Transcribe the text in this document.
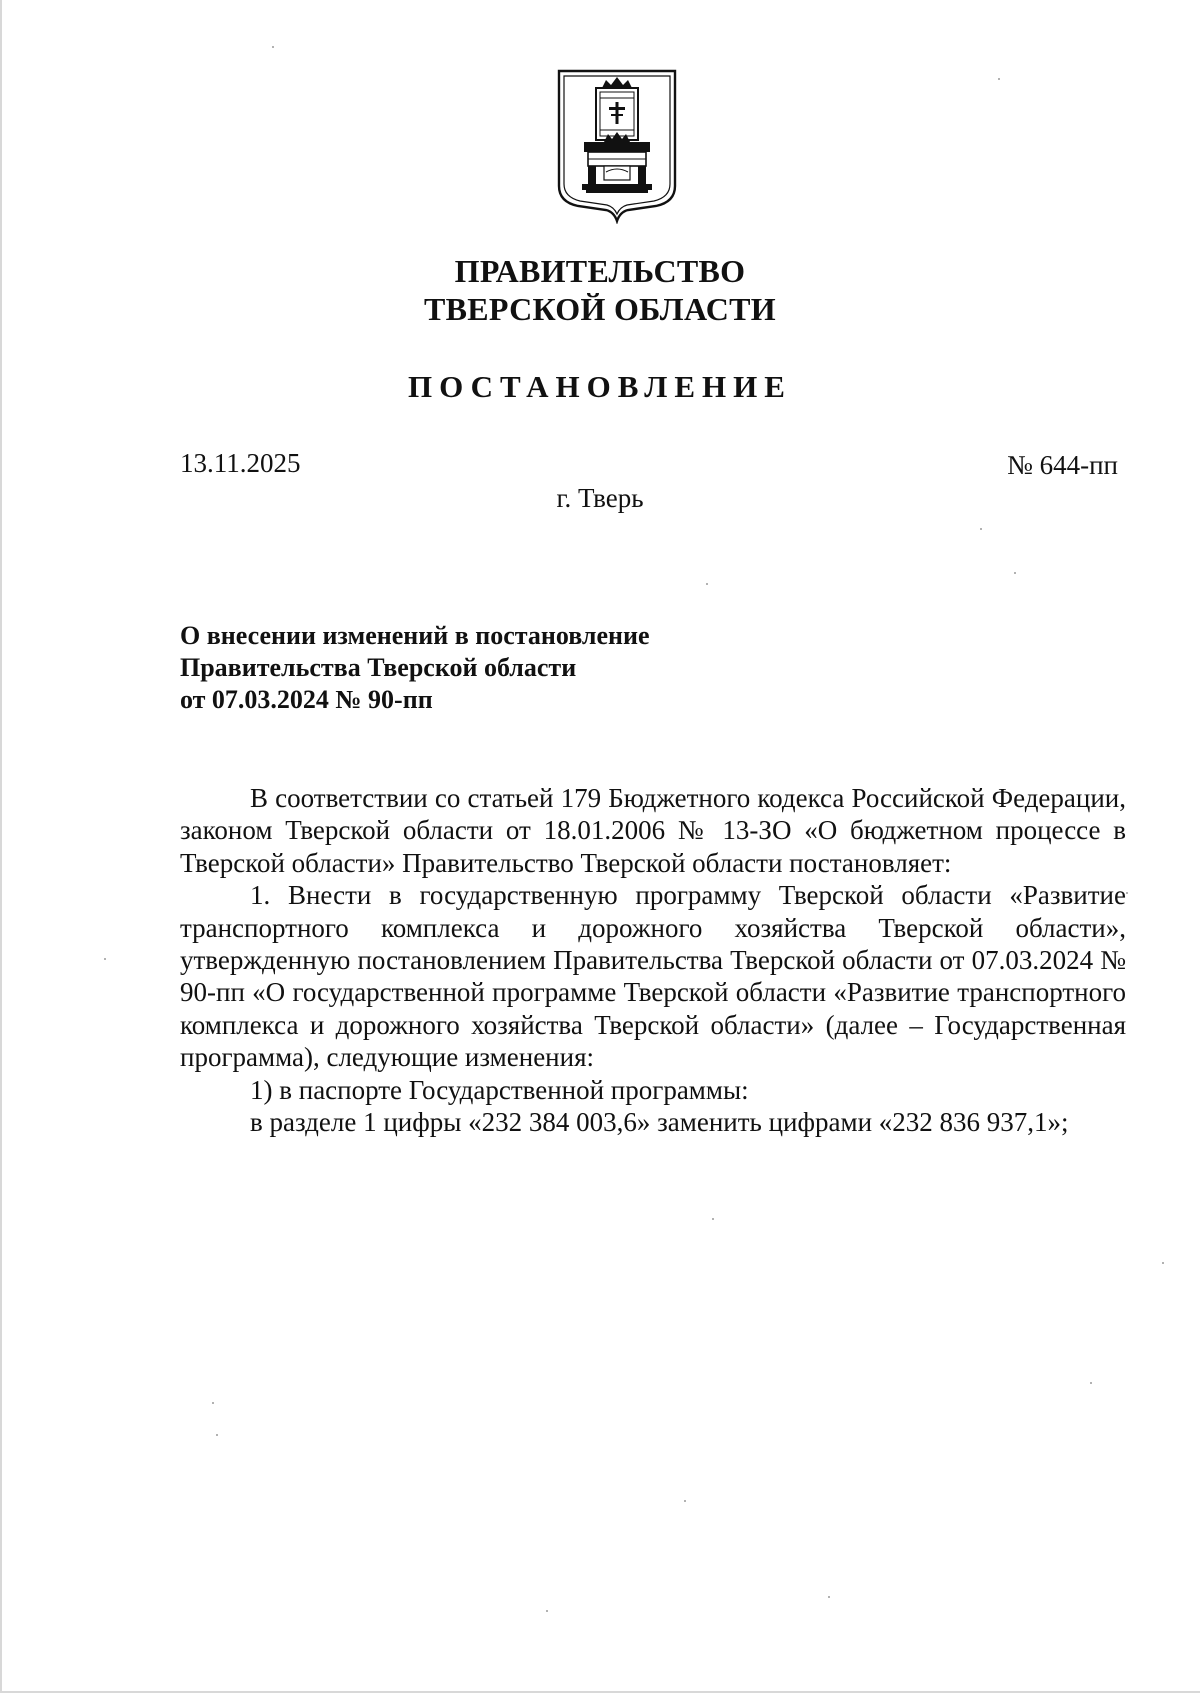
ПРАВИТЕЛЬСТВО
ТВЕРСКОЙ ОБЛАСТИ
ПОСТАНОВЛЕНИЕ
13.11.2025	№ 644-пп
г. Тверь
О внесении изменений в постановление
Правительства Тверской области
от 07.03.2024 № 90-пп

В соответствии со статьей 179 Бюджетного кодекса Российской Федерации, законом Тверской области от 18.01.2006 № 13-ЗО «О бюджетном процессе в Тверской области» Правительство Тверской области постановляет:

1. Внести в государственную программу Тверской области «Развитие транспортного комплекса и дорожного хозяйства Тверской области», утвержденную постановлением Правительства Тверской области от 07.03.2024 № 90-пп «О государственной программе Тверской области «Развитие транспортного комплекса и дорожного хозяйства Тверской области» (далее – Государственная программа), следующие изменения:

1) в паспорте Государственной программы:

в разделе 1 цифры «232 384 003,6» заменить цифрами «232 836 937,1»;
